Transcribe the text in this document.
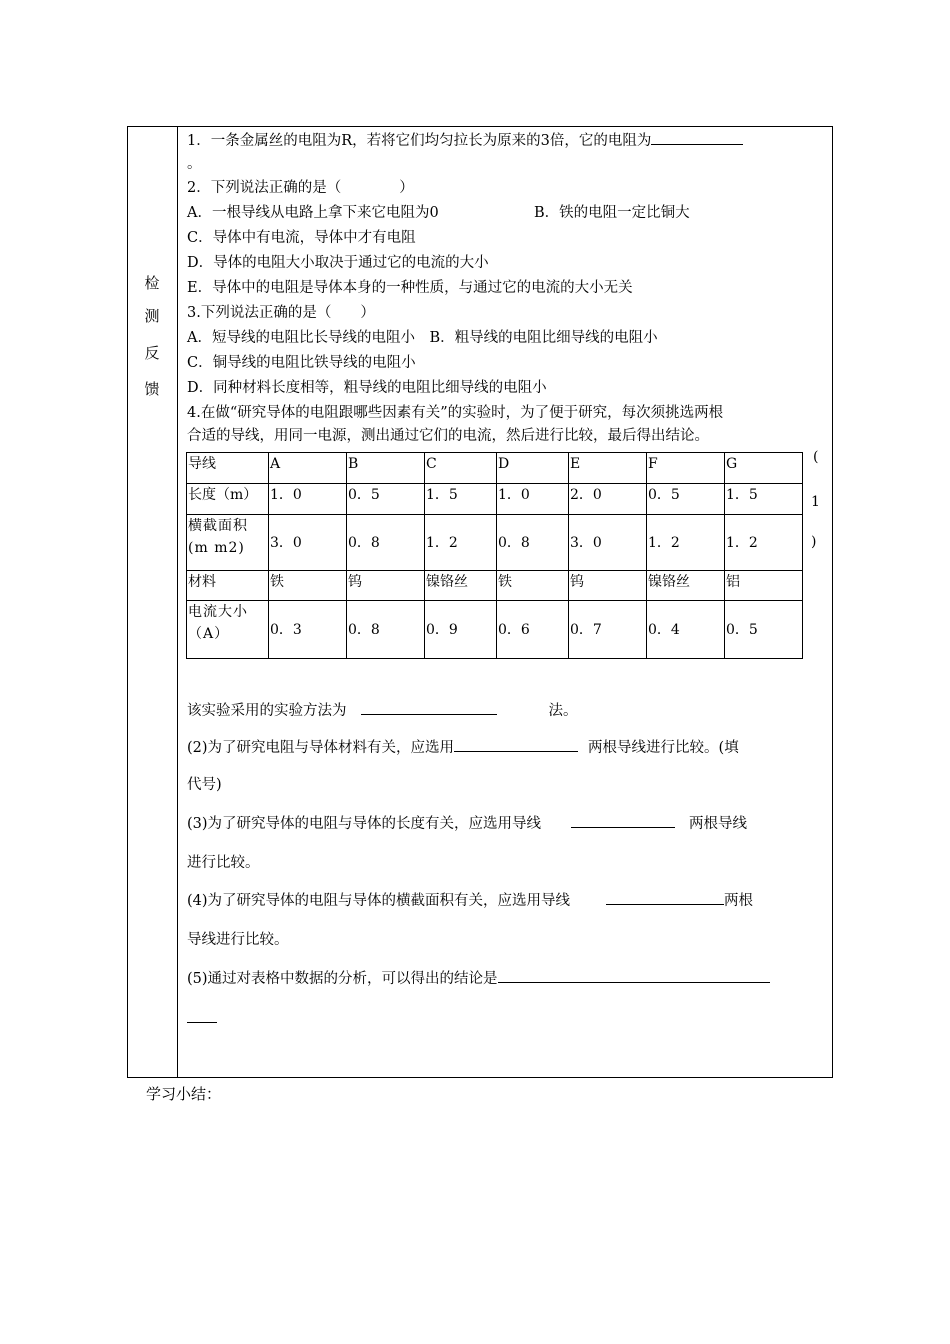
检
测
反
馈
1．一条金属丝的电阻为R，若将它们均匀拉长为原来的3倍，它的电阻为
。
2．下列说法正确的是（　　　　）
A．一根导线从电路上拿下来它电阻为0	B．铁的电阻一定比铜大
C．导体中有电流，导体中才有电阻
D．导体的电阻大小取决于通过它的电流的大小
E．导体中的电阻是导体本身的一种性质，与通过它的电流的大小无关
3.下列说法正确的是（　　）
A．短导线的电阻比长导线的电阻小　B．粗导线的电阻比细导线的电阻小
C．铜导线的电阻比铁导线的电阻小
D．同种材料长度相等，粗导线的电阻比细导线的电阻小
4.在做“研究导体的电阻跟哪些因素有关”的实验时，为了便于研究，每次须挑选两根
合适的导线，用同一电源，测出通过它们的电流，然后进行比较，最后得出结论。
导线	A	B	C	D	E	F	G
长度（m）	1．0	0．5	1．5	1．0	2．0	0．5	1．5
横截面积(m m2)	3．0	0．8	1．2	0．8	3．0	1．2	1．2
材料	铁	钨	镍铬丝	铁	钨	镍铬丝	铝
电流大小（A）	0．3	0．8	0．9	0．6	0．7	0．4	0．5
(
1
)
该实验采用的实验方法为	法。
(2)为了研究电阻与导体材料有关，应选用	两根导线进行比较。(填
代号)
(3)为了研究导体的电阻与导体的长度有关，应选用导线	两根导线
进行比较。
(4)为了研究导体的电阻与导体的横截面积有关，应选用导线	两根
导线进行比较。
(5)通过对表格中数据的分析，可以得出的结论是
学习小结：
